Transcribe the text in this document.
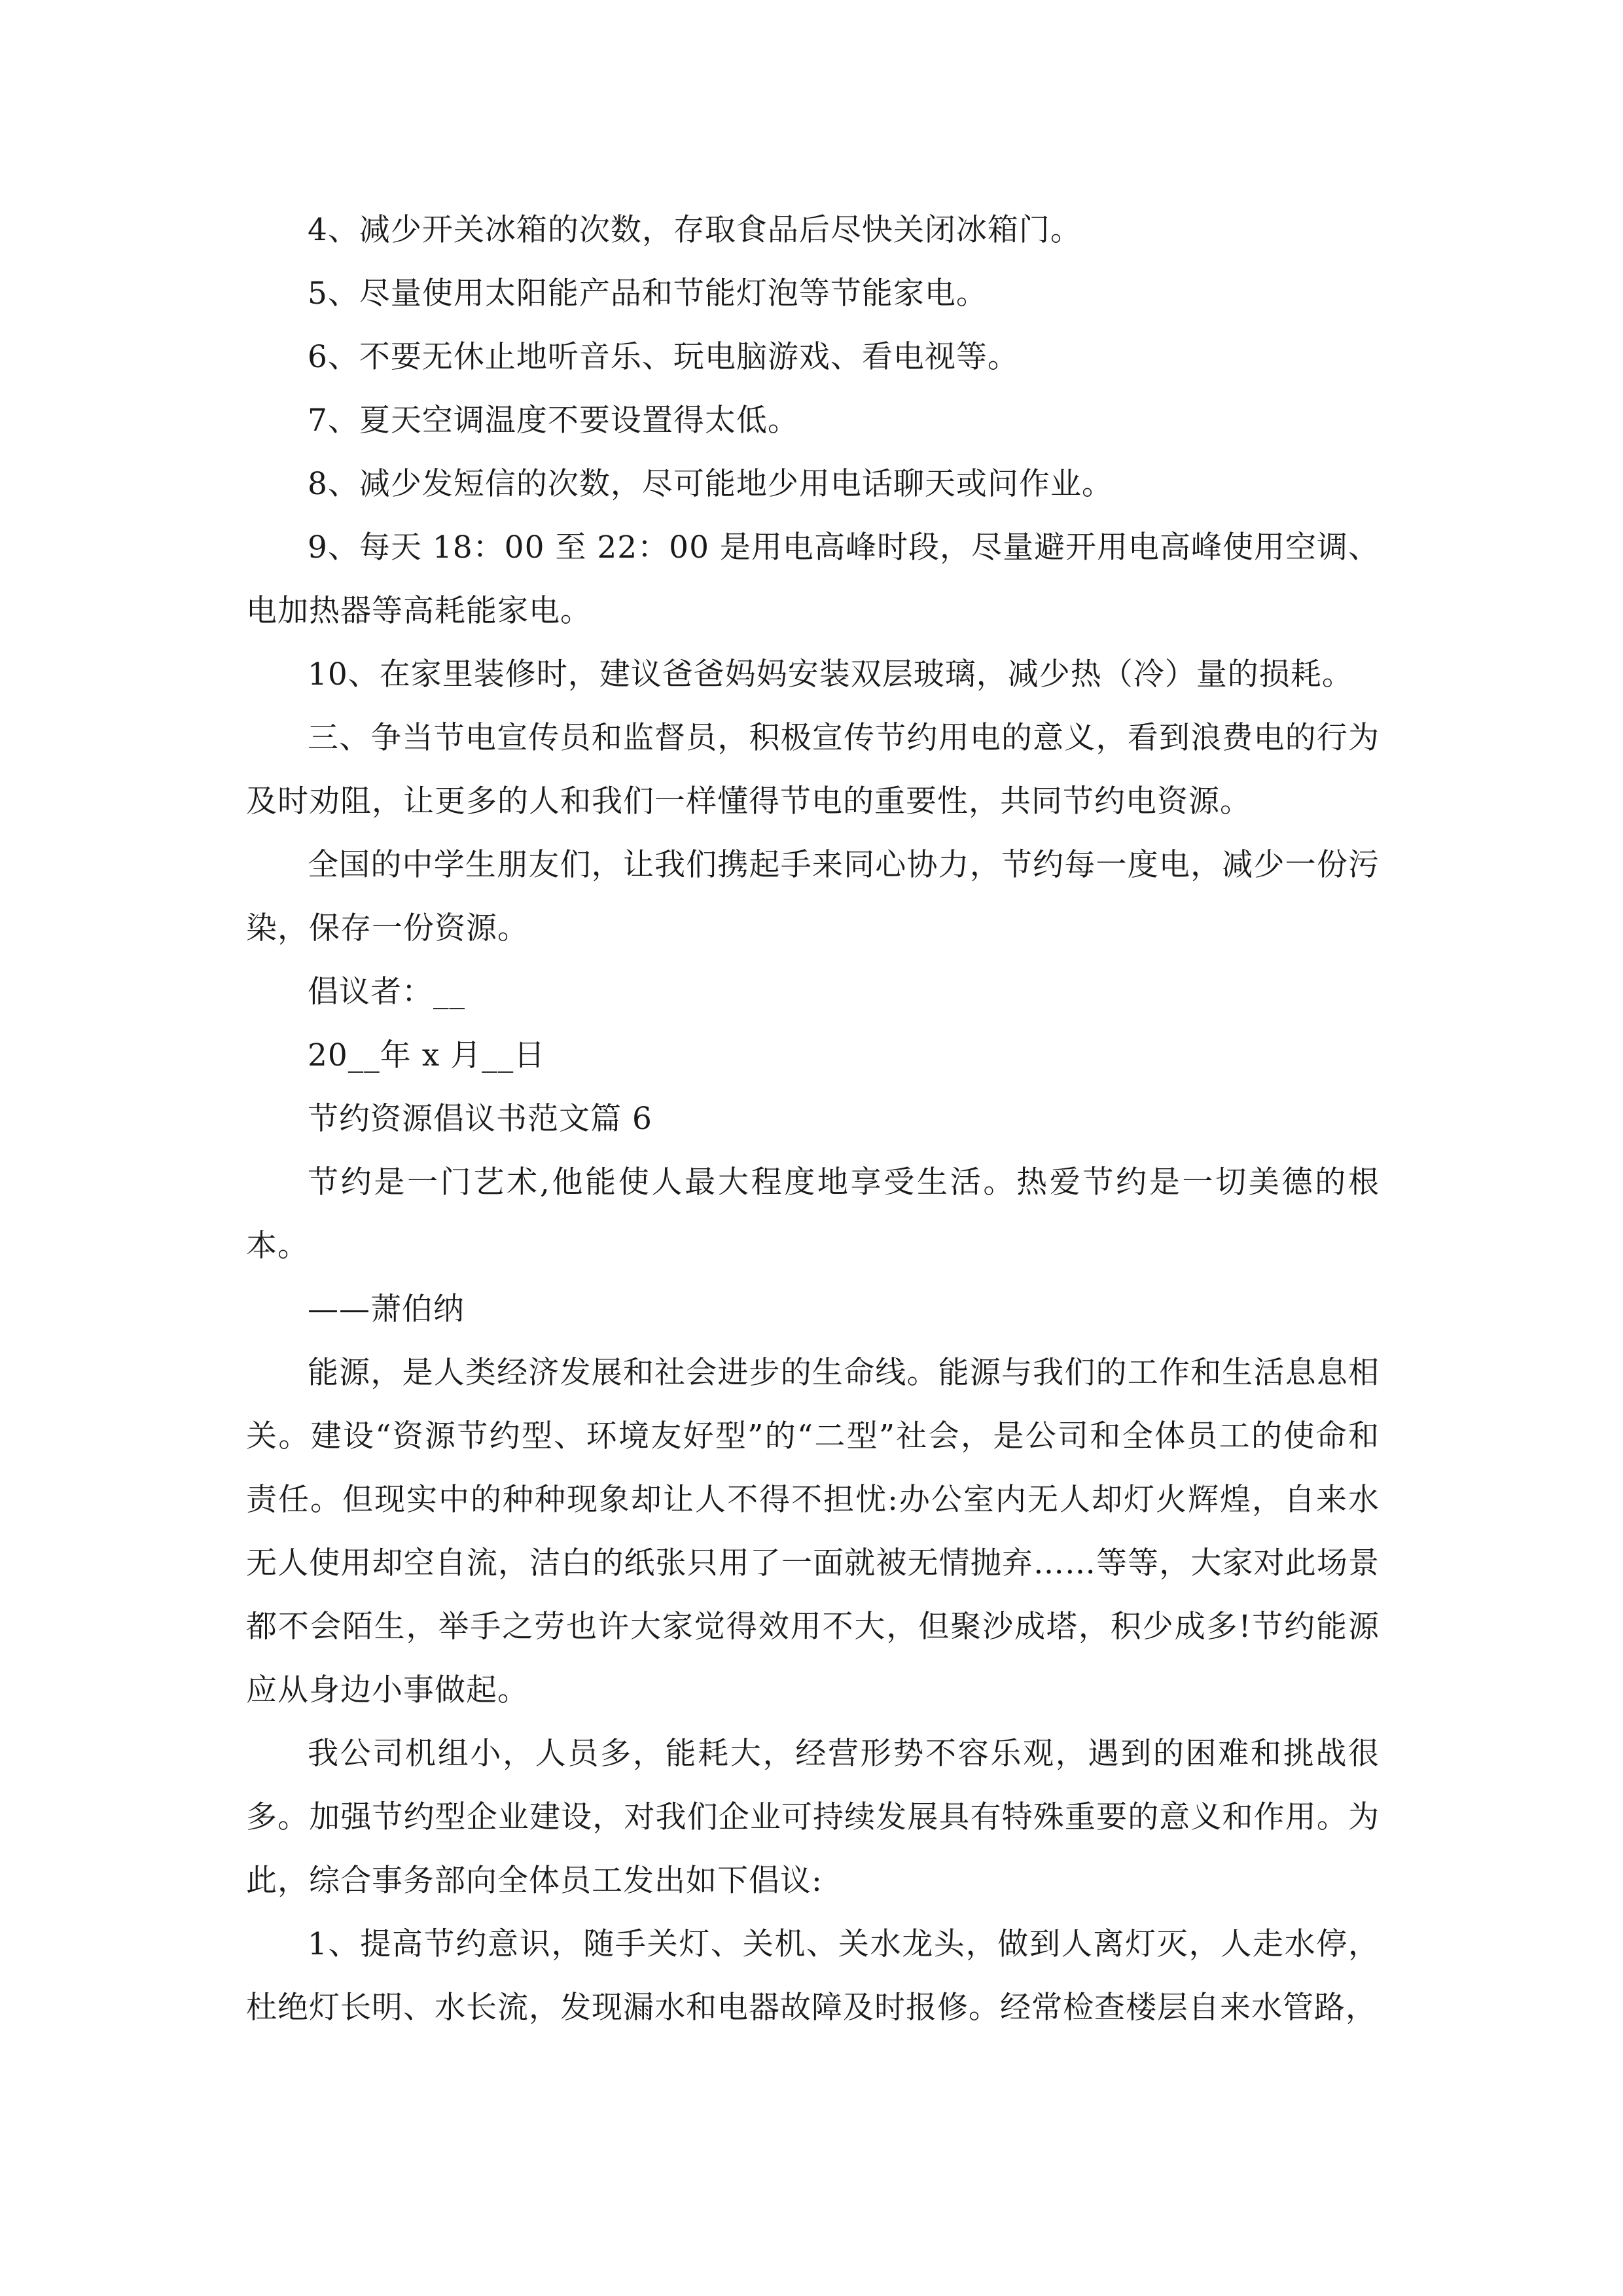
4、减少开关冰箱的次数，存取食品后尽快关闭冰箱门。

5、尽量使用太阳能产品和节能灯泡等节能家电。

6、不要无休止地听音乐、玩电脑游戏、看电视等。

7、夏天空调温度不要设置得太低。

8、减少发短信的次数，尽可能地少用电话聊天或问作业。

9、每天 18：00 至 22：00 是用电高峰时段，尽量避开用电高峰使用空调、电加热器等高耗能家电。

10、在家里装修时，建议爸爸妈妈安装双层玻璃，减少热（冷）量的损耗。

三、争当节电宣传员和监督员，积极宣传节约用电的意义，看到浪费电的行为及时劝阻，让更多的人和我们一样懂得节电的重要性，共同节约电资源。

全国的中学生朋友们，让我们携起手来同心协力，节约每一度电，减少一份污染，保存一份资源。

倡议者：__

20__年 x 月__日

节约资源倡议书范文篇 6

节约是一门艺术,他能使人最大程度地享受生活。热爱节约是一切美德的根本。

——萧伯纳

能源，是人类经济发展和社会进步的生命线。能源与我们的工作和生活息息相关。建设“资源节约型、环境友好型”的“二型”社会，是公司和全体员工的使命和责任。但现实中的种种现象却让人不得不担忧:办公室内无人却灯火辉煌，自来水无人使用却空自流，洁白的纸张只用了一面就被无情抛弃……等等，大家对此场景都不会陌生，举手之劳也许大家觉得效用不大，但聚沙成塔，积少成多!节约能源应从身边小事做起。

我公司机组小，人员多，能耗大，经营形势不容乐观，遇到的困难和挑战很多。加强节约型企业建设，对我们企业可持续发展具有特殊重要的意义和作用。为此，综合事务部向全体员工发出如下倡议:

1、提高节约意识，随手关灯、关机、关水龙头，做到人离灯灭，人走水停，杜绝灯长明、水长流，发现漏水和电器故障及时报修。经常检查楼层自来水管路，
